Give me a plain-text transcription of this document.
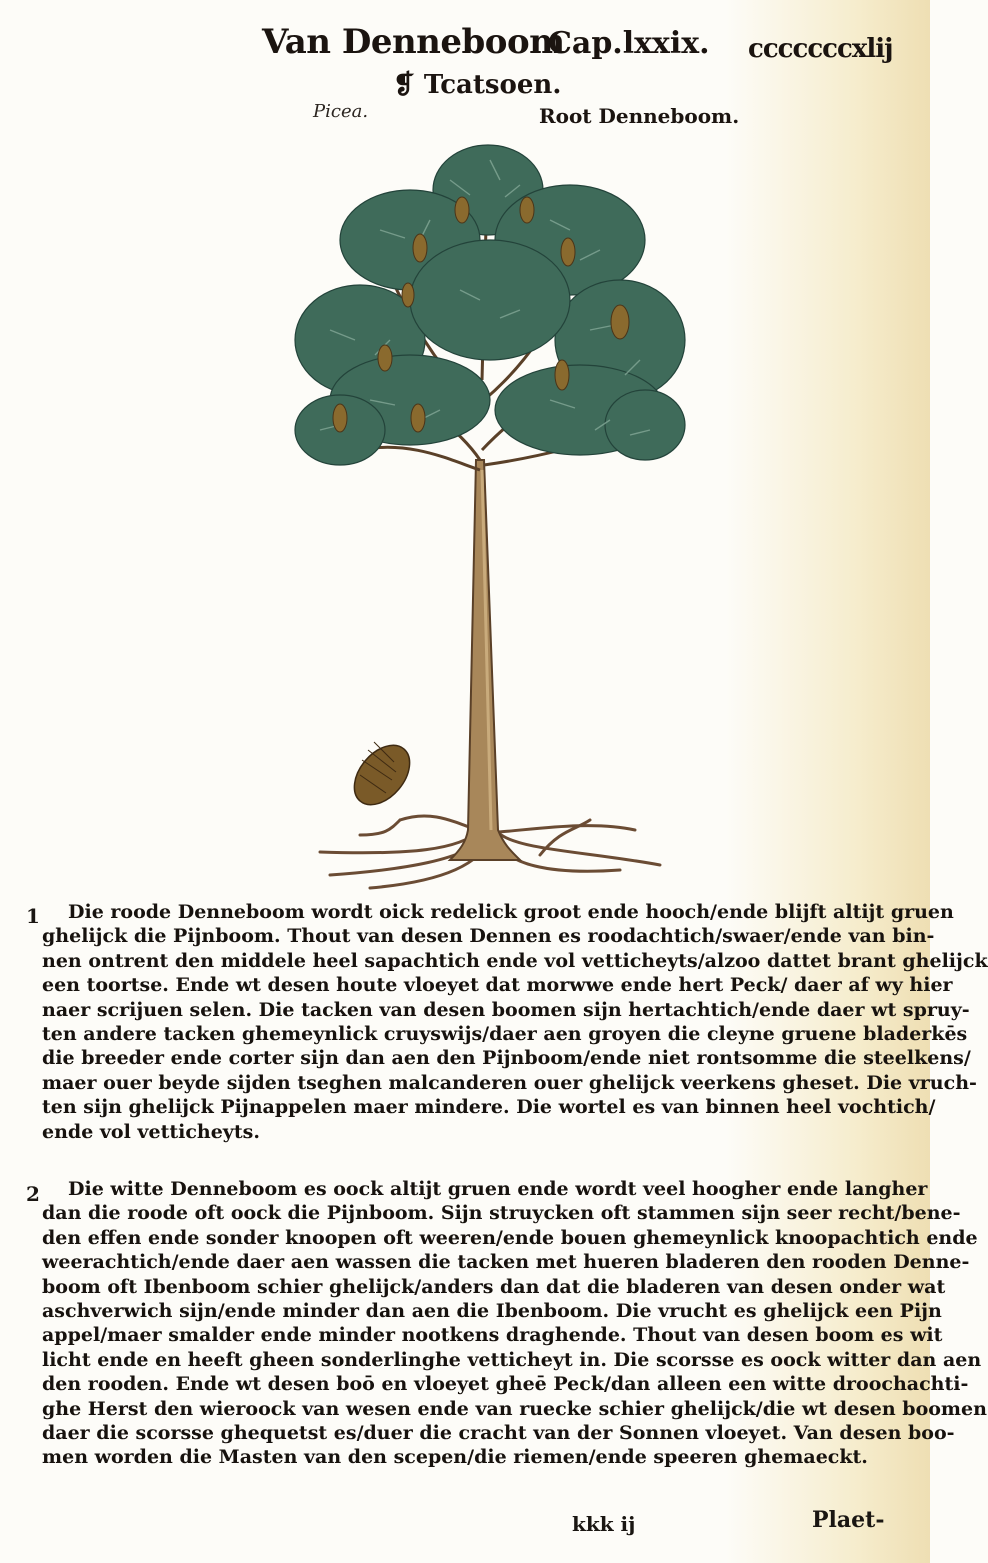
Van Denneboom
Cap.lxxix. cccccccxlij
❡ Tcatsoen.
Picea.	Root Denneboom.
1	Die roode Denneboom wordt oick redelick groot ende hooch/ende blijft altijt gruen
ghelijck die Pijnboom. Thout van desen Dennen es roodachtich/swaer/ende van bin-
nen ontrent den middele heel sapachtich ende vol vetticheyts/alzoo dattet brant ghelijck
een toortse. Ende wt desen houte vloeyet dat morwwe ende hert Peck/ daer af wy hier
naer scrijuen selen. Die tacken van desen boomen sijn hertachtich/ende daer wt spruy-
ten andere tacken ghemeynlick cruyswijs/daer aen groyen die cleyne gruene bladerkēs
die breeder ende corter sijn dan aen den Pijnboom/ende niet rontsomme die steelkens/
maer ouer beyde sijden tseghen malcanderen ouer ghelijck veerkens gheset. Die vruch-
ten sijn ghelijck Pijnappelen maer mindere. Die wortel es van binnen heel vochtich/
ende vol vetticheyts.
2	Die witte Denneboom es oock altijt gruen ende wordt veel hoogher ende langher
dan die roode oft oock die Pijnboom. Sijn struycken oft stammen sijn seer recht/bene-
den effen ende sonder knoopen oft weeren/ende bouen ghemeynlick knoopachtich ende
weerachtich/ende daer aen wassen die tacken met hueren bladeren den rooden Denne-
boom oft Ibenboom schier ghelijck/anders dan dat die bladeren van desen onder wat
aschverwich sijn/ende minder dan aen die Ibenboom. Die vrucht es ghelijck een Pijn
appel/maer smalder ende minder nootkens draghende. Thout van desen boom es wit
licht ende en heeft gheen sonderlinghe vetticheyt in. Die scorsse es oock witter dan aen
den rooden. Ende wt desen boō en vloeyet gheē Peck/dan alleen een witte droochachti-
ghe Herst den wieroock van wesen ende van ruecke schier ghelijck/die wt desen boomen
daer die scorsse ghequetst es/duer die cracht van der Sonnen vloeyet. Van desen boo-
men worden die Masten van den scepen/die riemen/ende speeren ghemaeckt.
kkk ij	Plaet-
